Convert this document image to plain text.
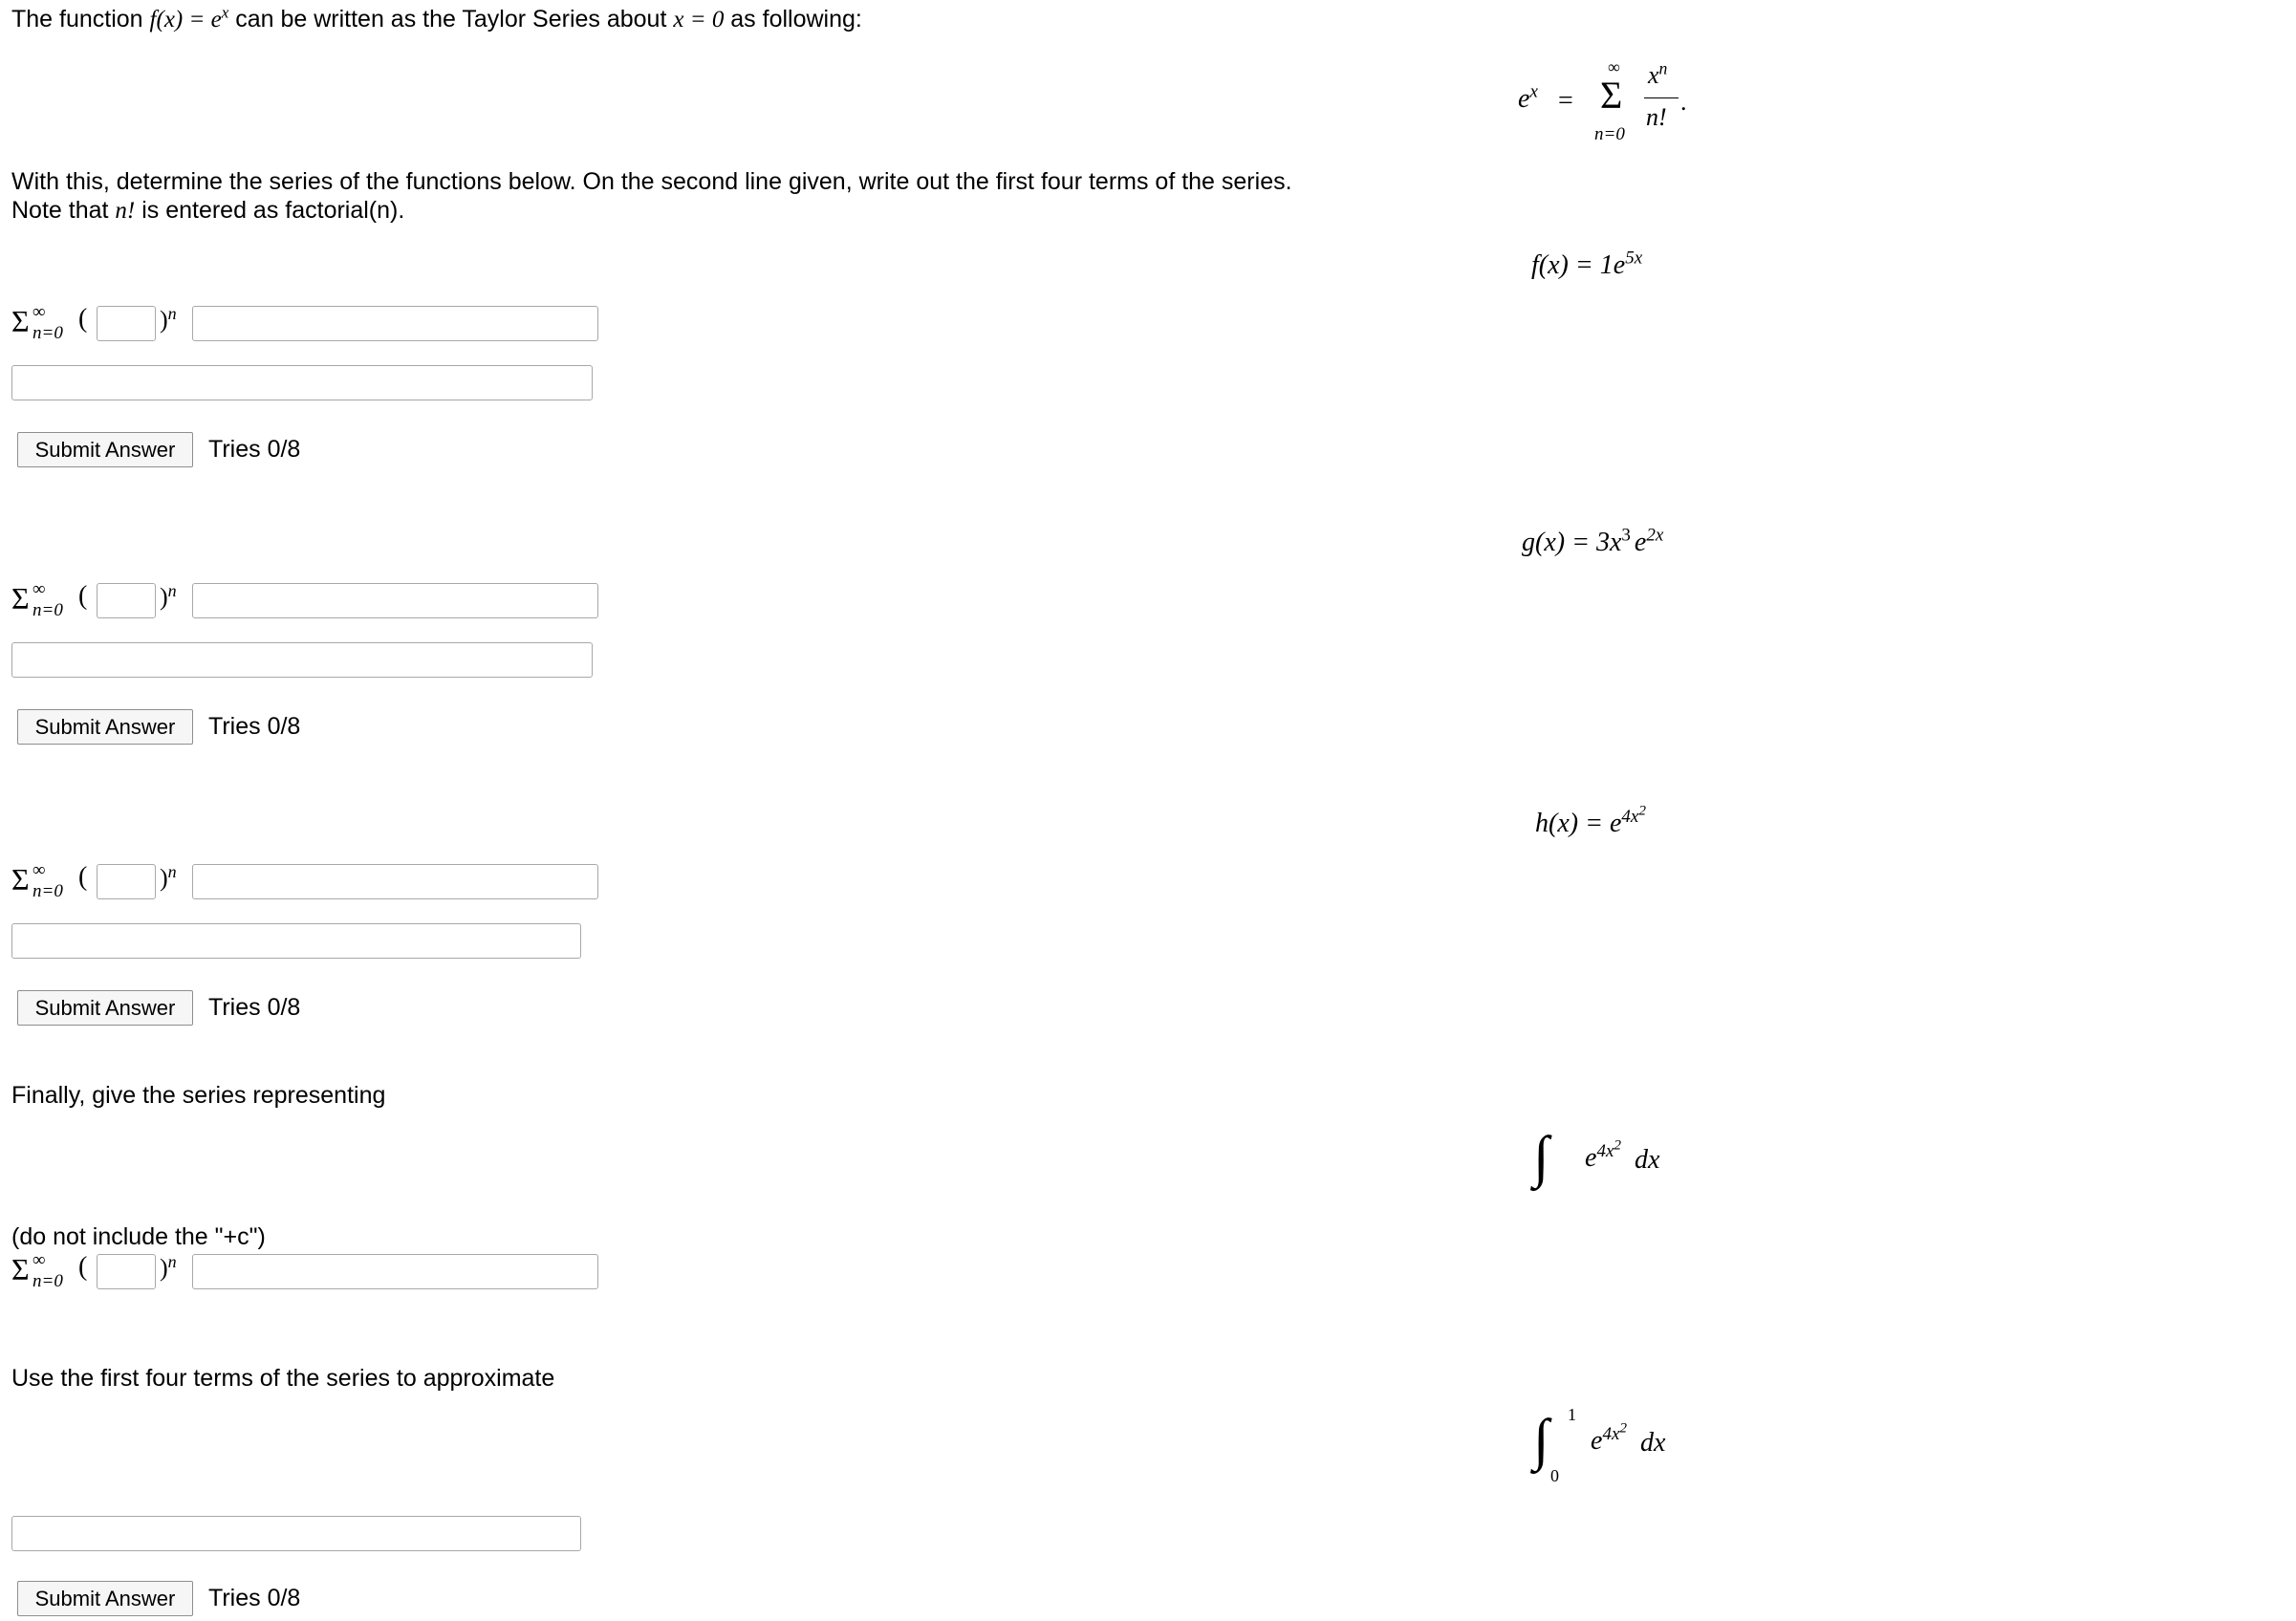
The function $f(x) = e^x$ can be written as the Taylor Series about x = 0 as following:
$e^x$ =
∞
Σ
n=0
$x^n$
n!
.
With this, determine the series of the functions below. On the second line given, write out the first four terms of the series.
Note that n! is entered as factorial(n).
$f(x) = 1e^{5x}$
Σ ∞
n=0 (	)$^n$
Submit Answer	Tries 0/8
$g(x) = 3x^3$ $e^{2x}$
Σ ∞
n=0 (	)$^n$
Submit Answer	Tries 0/8
$h(x) = e^{4x^2}$
Σ ∞
n=0 (	)$^n$
Submit Answer	Tries 0/8
Finally, give the series representing
∫ $e^{4x^2}$
dx
(do not include the "+c")
Σ ∞
n=0 (	)$^n$
Use the first four terms of the series to approximate
∫ 1
0
$e^{4x^2}$
dx
Submit Answer	Tries 0/8
